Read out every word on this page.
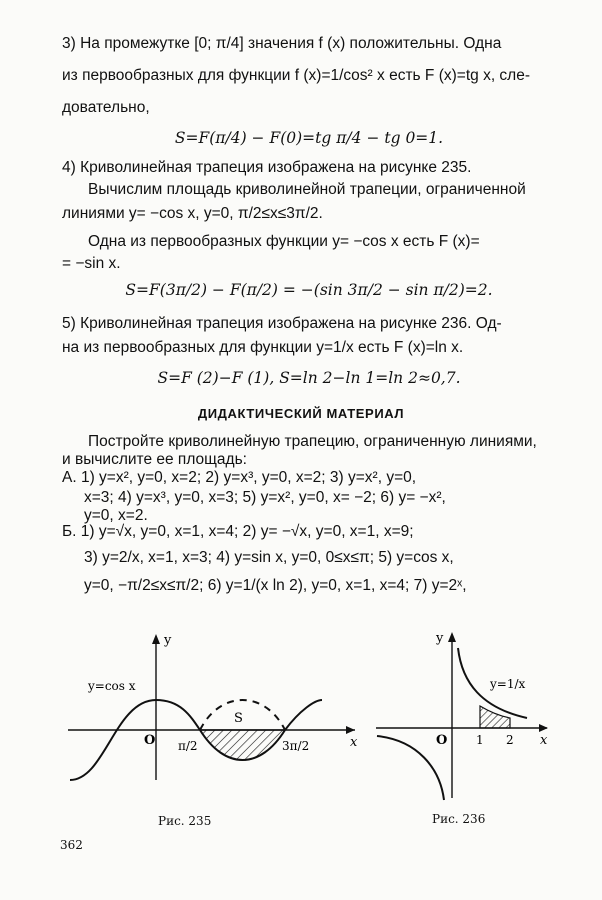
3) На промежутке [0; π/4] значения f (x) положительны. Одна
из первообразных для функции f (x)=1/cos² x есть F (x)=tg x, сле-
довательно,
S=F(π/4) − F(0)=tg π/4 − tg 0=1.
4) Криволинейная трапеция изображена на рисунке 235.
Вычислим площадь криволинейной трапеции, ограниченной
линиями y= −cos x, y=0, π/2≤x≤3π/2.
Одна из первообразных функции y= −cos x есть F (x)=
= −sin x.
S=F(3π/2) − F(π/2) = −(sin 3π/2 − sin π/2)=2.
5) Криволинейная трапеция изображена на рисунке 236. Од-
на из первообразных для функции y=1/x есть F (x)=ln x.
S=F (2)−F (1), S=ln 2−ln 1=ln 2≈0,7.
ДИДАКТИЧЕСКИЙ МАТЕРИАЛ
Постройте криволинейную трапецию, ограниченную линиями,
и вычислите ее площадь:
А. 1) y=x², y=0, x=2; 2) y=x³, y=0, x=2; 3) y=x², y=0,
x=3; 4) y=x³, y=0, x=3; 5) y=x², y=0, x= −2; 6) y= −x²,
y=0, x=2.
Б. 1) y=√x, y=0, x=1, x=4; 2) y= −√x, y=0, x=1, x=9;
3) y=2/x, x=1, x=3; 4) y=sin x, y=0, 0≤x≤π; 5) y=cos x,
y=0, −π/2≤x≤π/2; 6) y=1/(x ln 2), y=0, x=1, x=4; 7) y=2ˣ,
y
x
O
y=cos x
S
π/2	3π/2
Рис. 235
y
x
O
y=1/x
1 2
Рис. 236
362
